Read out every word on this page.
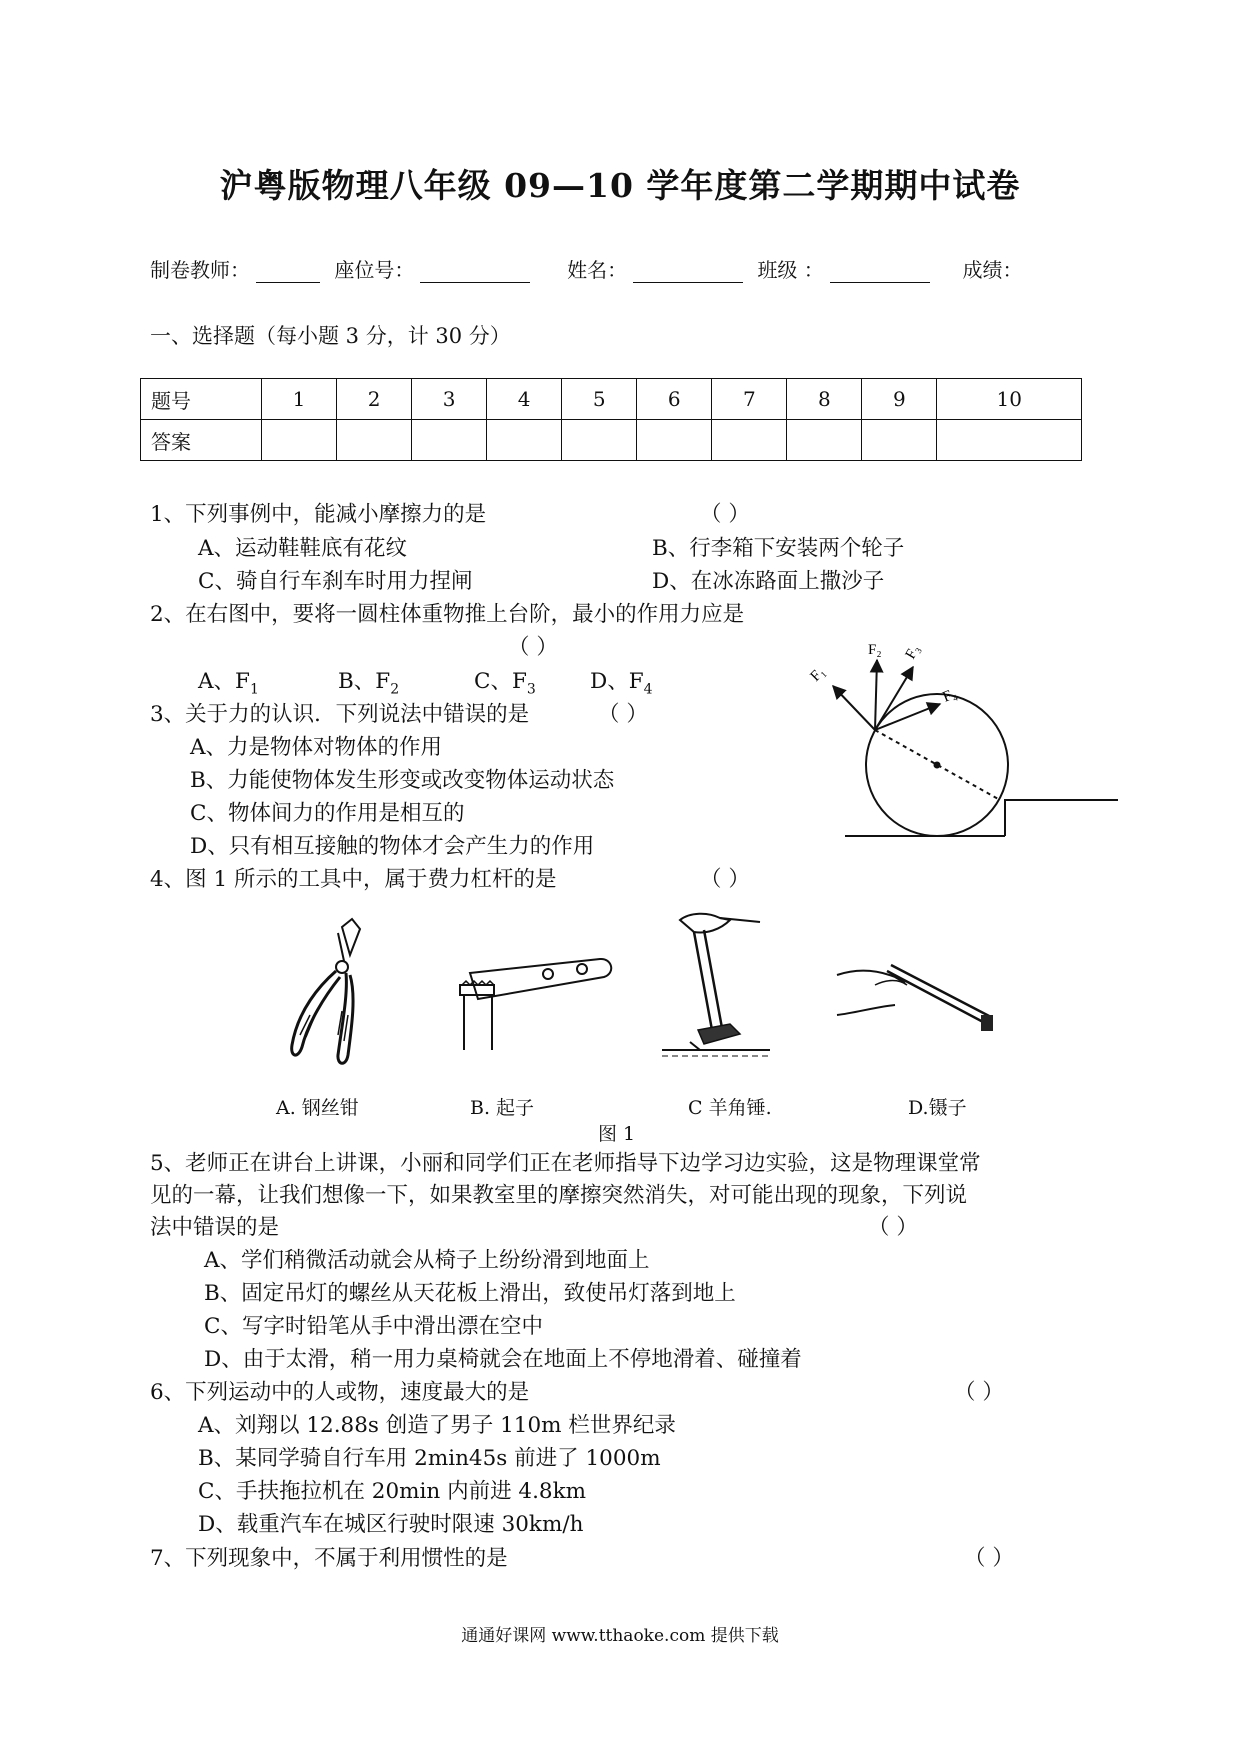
沪粤版物理八年级 09—10 学年度第二学期期中试卷
制卷教师：	座位号：	姓名：	班级 ：	成绩：
一、选择题（每小题 3 分，计 30 分）
题号	1	2	3	4	5	6	7	8	9	10
答案										
1、下列事例中，能减小摩擦力的是	（ ）
A、运动鞋鞋底有花纹	B、行李箱下安装两个轮子
C、骑自行车刹车时用力捏闸	D、在冰冻路面上撒沙子
2、在右图中，要将一圆柱体重物推上台阶，最小的作用力应是
（ ）
A、$F_1$	B、$F_2$	C、$F_3$	D、$F_4$
F₁
F₂ F₃
F₄
3、关于力的认识．下列说法中错误的是	（ ）
A、力是物体对物体的作用
B、力能使物体发生形变或改变物体运动状态
C、物体间力的作用是相互的
D、只有相互接触的物体才会产生力的作用
4、图 1 所示的工具中，属于费力杠杆的是	（ ）
A. 钢丝钳	B. 起子	C 羊角锤.	D.镊子
图 1
5、老师正在讲台上讲课，小丽和同学们正在老师指导下边学习边实验，这是物理课堂常
见的一幕，让我们想像一下，如果教室里的摩擦突然消失，对可能出现的现象，下列说
法中错误的是	（ ）
A、学们稍微活动就会从椅子上纷纷滑到地面上
B、固定吊灯的螺丝从天花板上滑出，致使吊灯落到地上
C、写字时铅笔从手中滑出漂在空中
D、由于太滑，稍一用力桌椅就会在地面上不停地滑着、碰撞着
6、下列运动中的人或物，速度最大的是	（ ）
A、刘翔以 12.88s 创造了男子 110m 栏世界纪录
B、某同学骑自行车用 2min45s 前进了 1000m
C、手扶拖拉机在 20min 内前进 4.8km
D、载重汽车在城区行驶时限速 30km/h
7、下列现象中，不属于利用惯性的是	（ ）
通通好课网 www.tthaoke.com 提供下载
